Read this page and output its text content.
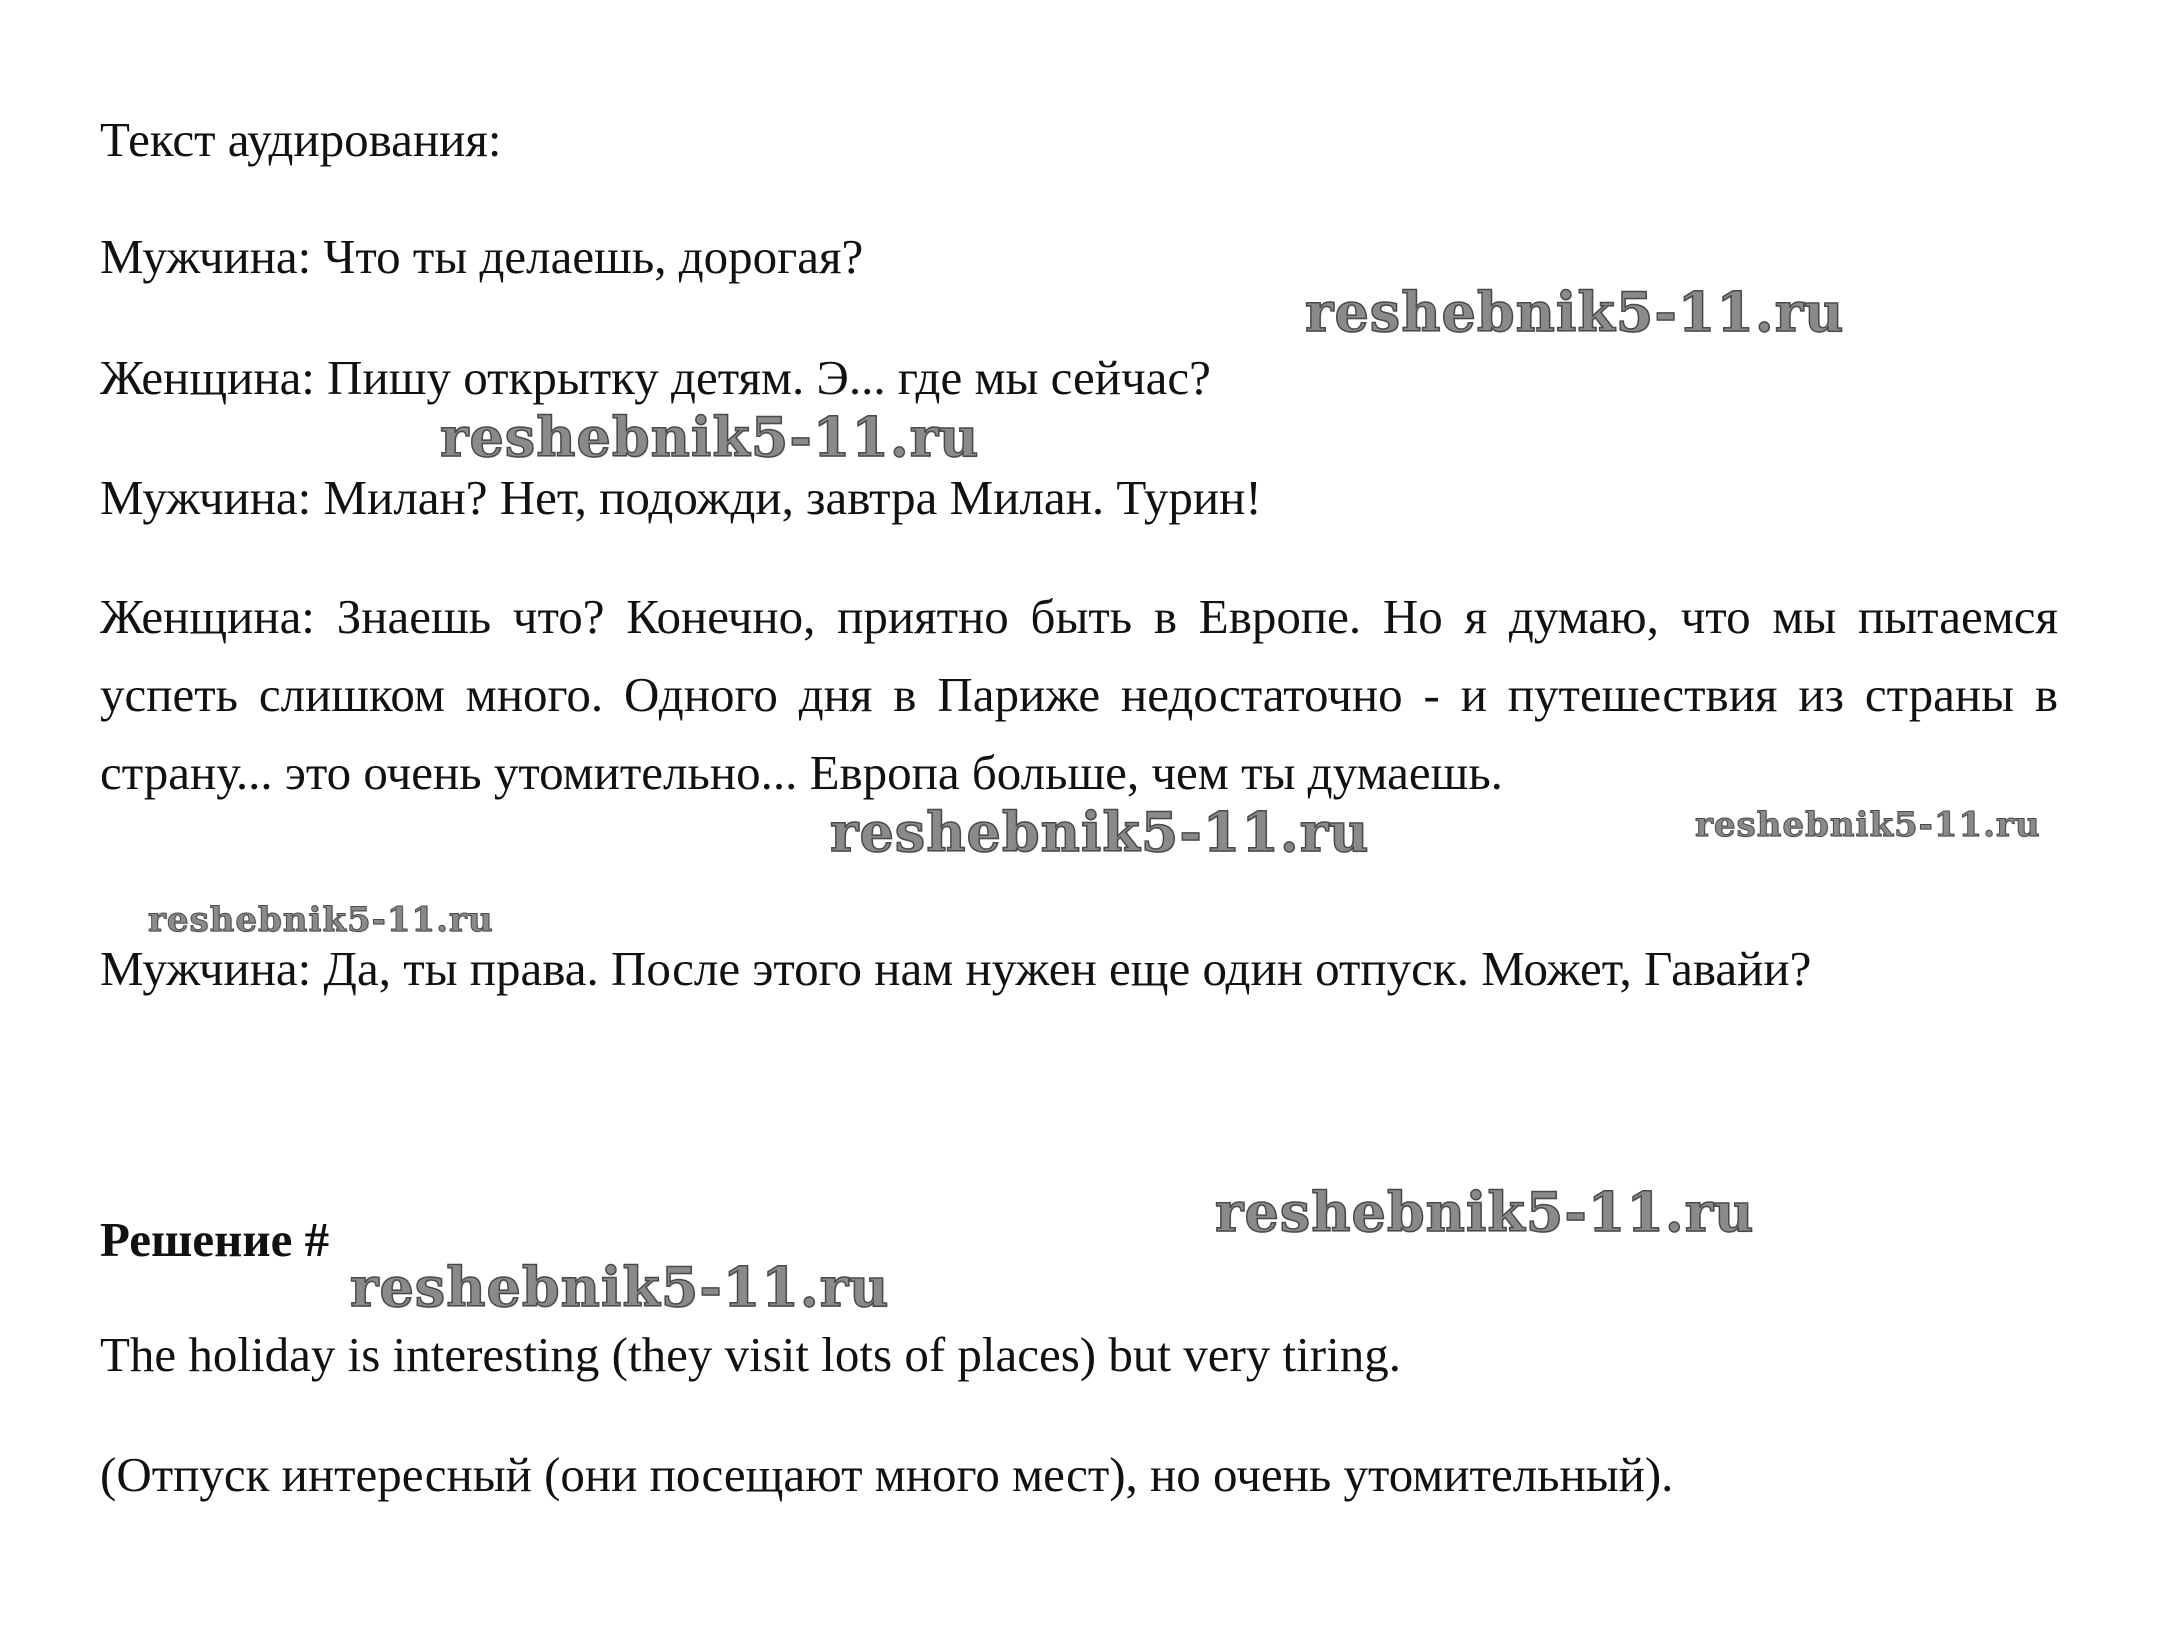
Текст аудирования:
Мужчина: Что ты делаешь, дорогая?
Женщина: Пишу открытку детям. Э... где мы сейчас?
Мужчина: Милан? Нет, подожди, завтра Милан. Турин!
Женщина: Знаешь что? Конечно, приятно быть в Европе. Но я думаю, что мы пытаемся успеть слишком много. Одного дня в Париже недостаточно - и путешествия из страны в страну... это очень утомительно... Европа больше, чем ты думаешь.
Мужчина: Да, ты права. После этого нам нужен еще один отпуск. Может, Гавайи?
Решение #
The holiday is interesting (they visit lots of places) but very tiring.
(Отпуск интересный (они посещают много мест), но очень утомительный).
reshebnik5-11.ru
reshebnik5-11.ru
reshebnik5-11.ru	reshebnik5-11.ru
reshebnik5-11.ru
reshebnik5-11.ru
reshebnik5-11.ru
